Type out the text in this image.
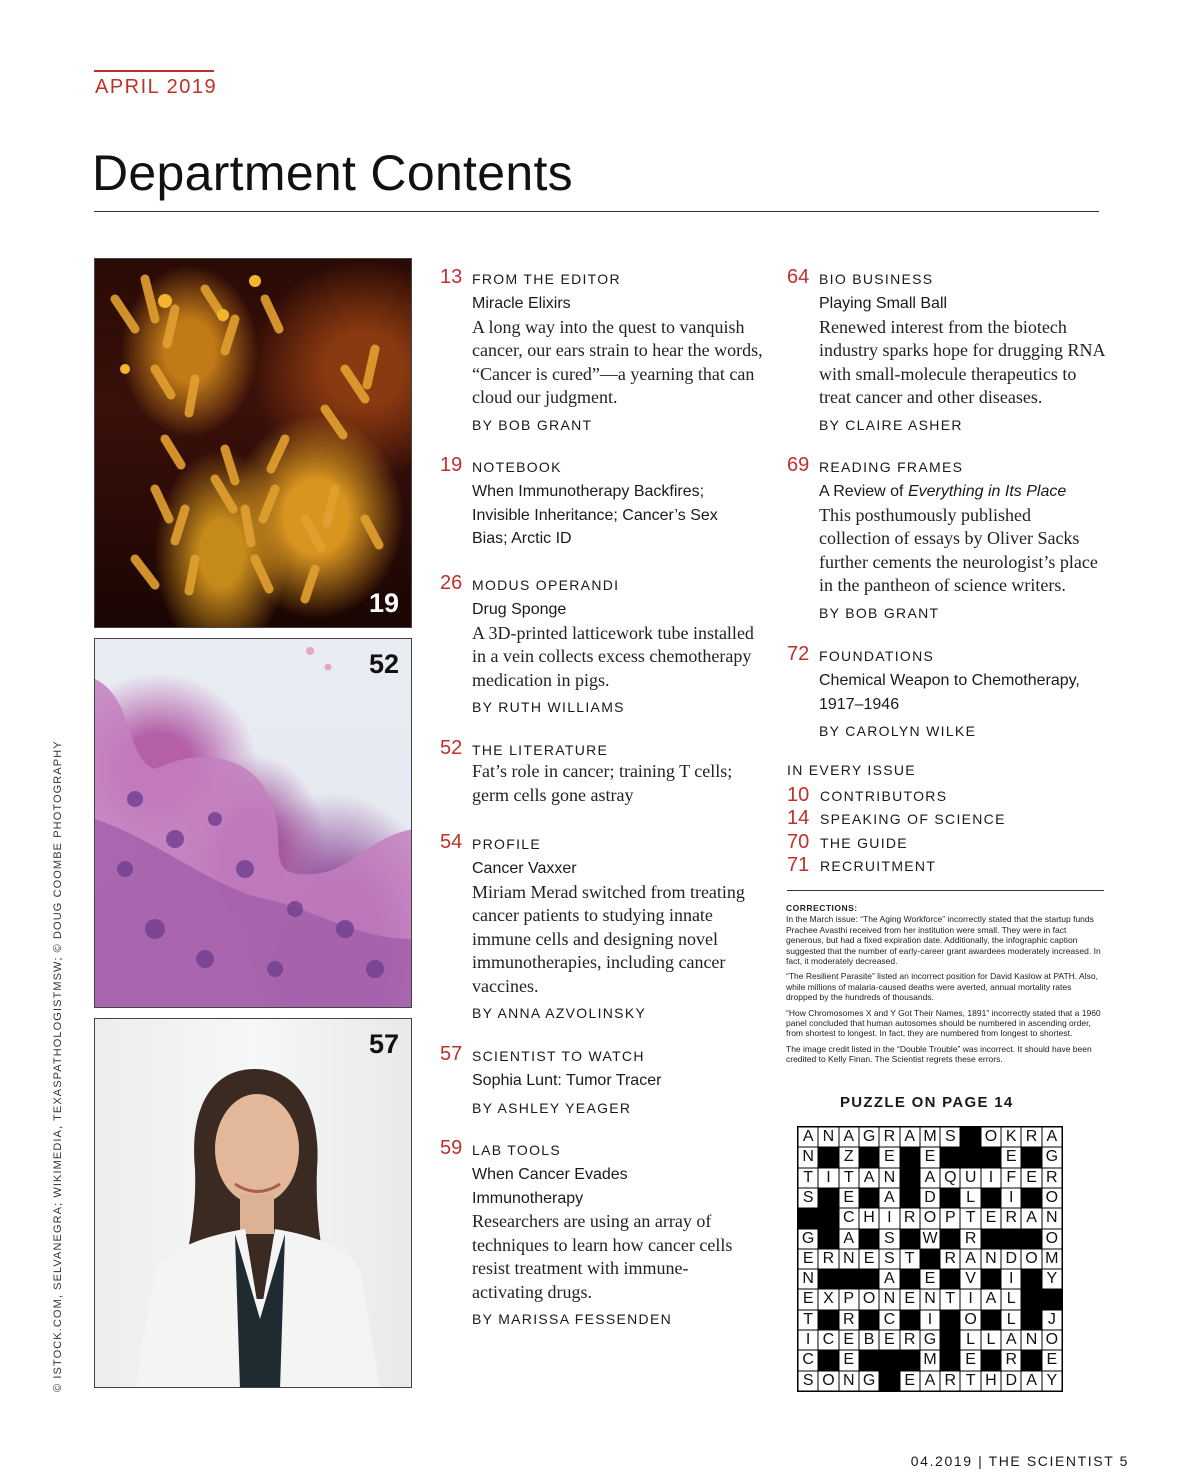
APRIL 2019
Department Contents
© ISTOCK.COM, SELVANEGRA; WIKIMEDIA, TEXASPATHOLOGISTMSW; © DOUG COOMBE PHOTOGRAPHY
19
52
57
13 FROM THE EDITOR
Miracle Elixirs
A long way into the quest to vanquish cancer, our ears strain to hear the words, “Cancer is cured”—a yearning that can cloud our judgment.
BY BOB GRANT
19 NOTEBOOK
When Immunotherapy Backfires; Invisible Inheritance; Cancer’s Sex Bias; Arctic ID
26 MODUS OPERANDI
Drug Sponge
A 3D-printed latticework tube installed in a vein collects excess chemotherapy medication in pigs.
BY RUTH WILLIAMS
52 THE LITERATURE
Fat’s role in cancer; training T cells; germ cells gone astray
54 PROFILE
Cancer Vaxxer
Miriam Merad switched from treating cancer patients to studying innate immune cells and designing novel immunotherapies, including cancer vaccines.
BY ANNA AZVOLINSKY
57 SCIENTIST TO WATCH
Sophia Lunt: Tumor Tracer
BY ASHLEY YEAGER
59 LAB TOOLS
When Cancer Evades Immunotherapy
Researchers are using an array of techniques to learn how cancer cells resist treatment with immune-activating drugs.
BY MARISSA FESSENDEN
64 BIO BUSINESS
Playing Small Ball
Renewed interest from the biotech industry sparks hope for drugging RNA with small-molecule therapeutics to treat cancer and other diseases.
BY CLAIRE ASHER
69 READING FRAMES
A Review of Everything in Its Place
This posthumously published collection of essays by Oliver Sacks further cements the neurologist’s place in the pantheon of science writers.
BY BOB GRANT
72 FOUNDATIONS
Chemical Weapon to Chemotherapy, 1917–1946
BY CAROLYN WILKE
IN EVERY ISSUE
10 CONTRIBUTORS
14 SPEAKING OF SCIENCE
70 THE GUIDE
71 RECRUITMENT
CORRECTIONS:

In the March issue: “The Aging Workforce” incorrectly stated that the startup funds Prachee Avasthi received from her institution were small. They were in fact generous, but had a fixed expiration date. Additionally, the infographic caption suggested that the number of early-career grant awardees moderately increased. In fact, it moderately decreased.

“The Resilient Parasite” listed an incorrect position for David Kaslow at PATH. Also, while millions of malaria-caused deaths were averted, annual mortality rates dropped by the hundreds of thousands.

“How Chromosomes X and Y Got Their Names, 1891” incorrectly stated that a 1960 panel concluded that human autosomes should be numbered in ascending order, from shortest to longest. In fact, they are numbered from longest to shortest.

The image credit listed in the “Double Trouble” was incorrect. It should have been credited to Kelly Finan. The Scientist regrets these errors.

PUZZLE ON PAGE 14
A N A G R A M S	O K R A
N	Z	E	E	E	G
T I T A N	A Q U I F E R
S	E	A	D	L	I	O
C H I R O P T E R A N
G	A	S	W R	O
E R N E S T	R A N D O M
N	A	E	V	I	Y
E X P O N E N T I A L
T	R C	I	O	L	J
I C E B E R G	L L A N O
C	E	M	E	R	E
S O N G	E A R T H D A Y
04.2019 | THE SCIENTIST 5
